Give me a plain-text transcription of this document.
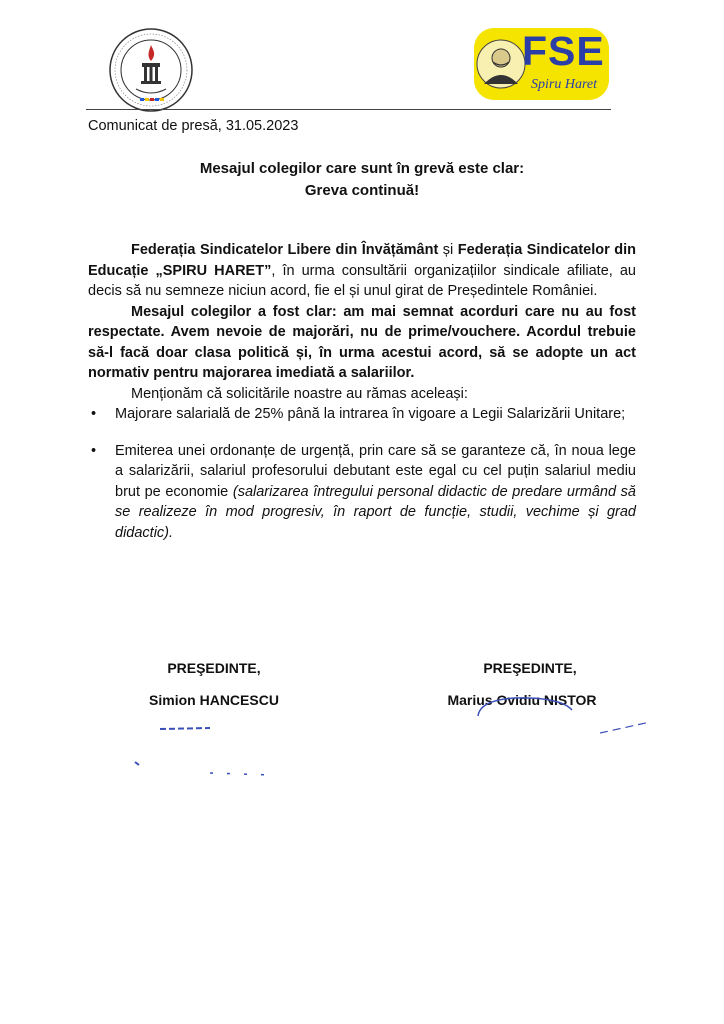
FSE
Spiru Haret
Comunicat de presă, 31.05.2023
Mesajul colegilor care sunt în grevă este clar:
Greva continuă!

Federația Sindicatelor Libere din Învățământ și Federația Sindicatelor din Educație „SPIRU HARET”, în urma consultării organizațiilor sindicale afiliate, au decis să nu semneze niciun acord, fie el și unul girat de Președintele României.

Mesajul colegilor a fost clar: am mai semnat acorduri care nu au fost respectate. Avem nevoie de majorări, nu de prime/vouchere. Acordul trebuie să-l facă doar clasa politică și, în urma acestui acord, să se adopte un act normativ pentru majorarea imediată a salariilor.

Menționăm că solicitările noastre au rămas aceleași:

• Majorare salarială de 25% până la intrarea în vigoare a Legii Salarizării Unitare;
• Emiterea unei ordonanțe de urgență, prin care să se garanteze că, în noua lege a salarizării, salariul profesorului debutant este egal cu cel puțin salariul mediu brut pe economie (salarizarea întregului personal didactic de predare urmând să se realizeze în mod progresiv, în raport de funcție, studii, vechime și grad didactic).
PREŞEDINTE,	PREŞEDINTE,
Simion HANCESCU	Marius Ovidiu NISTOR
